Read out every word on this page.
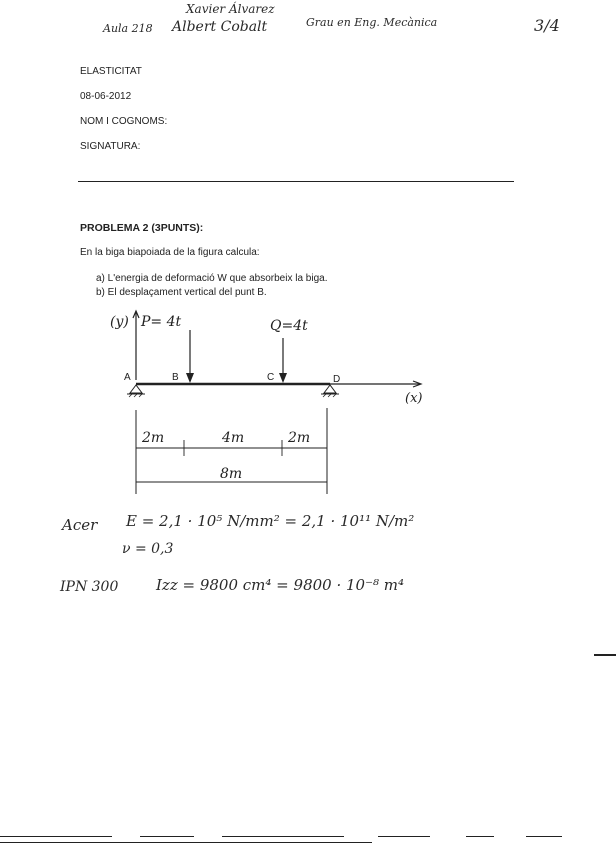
Xavier Álvarez
Aula 218 Albert Cobalt	Grau en Eng. Mecànica	3/4
ELASTICITAT
08-06-2012
NOM I COGNOMS:
SIGNATURA:
PROBLEMA 2 (3PUNTS):
En la biga biapoiada de la figura calcula:
a) L'energia de deformació W que absorbeix la biga.
b) El desplaçament vertical del punt B.
(y) P= 4t	Q=4t
(x)
A	B	C	D
2m	4m	2m
8m
Acer E = 2,1 · 10⁵ N/mm² = 2,1 · 10¹¹ N/m²
ν = 0,3
IPN 300	Izz = 9800 cm⁴ = 9800 · 10⁻⁸ m⁴
